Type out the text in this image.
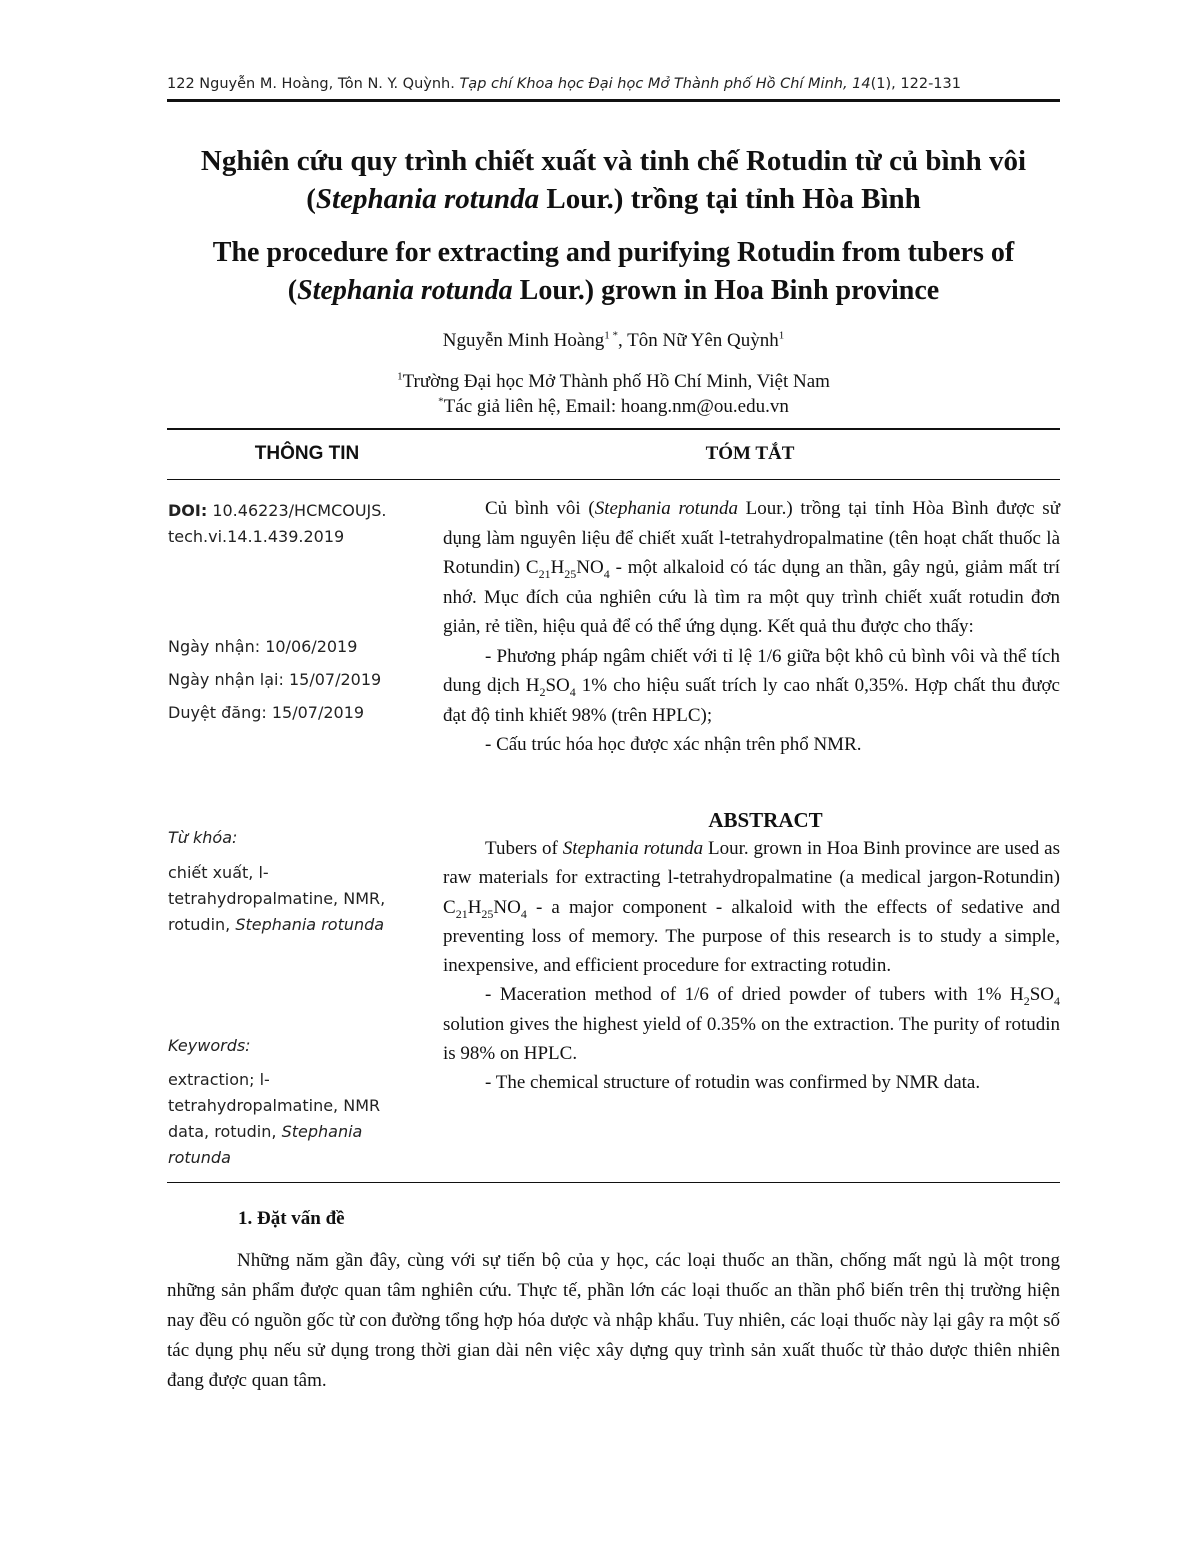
122 Nguyễn M. Hoàng, Tôn N. Y. Quỳnh. Tạp chí Khoa học Đại học Mở Thành phố Hồ Chí Minh, 14(1), 122-131
Nghiên cứu quy trình chiết xuất và tinh chế Rotudin từ củ bình vôi (Stephania rotunda Lour.) trồng tại tỉnh Hòa Bình
The procedure for extracting and purifying Rotudin from tubers of (Stephania rotunda Lour.) grown in Hoa Binh province
Nguyễn Minh Hoàng$^{1 *}$, Tôn Nữ Yên Quỳnh$^1$
$^1$Trường Đại học Mở Thành phố Hồ Chí Minh, Việt Nam
*Tác giả liên hệ, Email: hoang.nm@ou.edu.vn
THÔNG TIN	TÓM TẮT
DOI: 10.46223/HCMCOUJS. tech.vi.14.1.439.2019
Ngày nhận: 10/06/2019
Ngày nhận lại: 15/07/2019
Duyệt đăng: 15/07/2019
Từ khóa:
chiết xuất, l-tetrahydropalmatine, NMR, rotudin, Stephania rotunda
Keywords:
extraction; l-tetrahydropalmatine, NMR data, rotudin, Stephania rotunda

Củ bình vôi (Stephania rotunda Lour.) trồng tại tỉnh Hòa Bình được sử dụng làm nguyên liệu để chiết xuất l-tetrahydropalmatine (tên hoạt chất thuốc là Rotundin) $C_{21}H_{25}NO_4$ - một alkaloid có tác dụng an thần, gây ngủ, giảm mất trí nhớ. Mục đích của nghiên cứu là tìm ra một quy trình chiết xuất rotudin đơn giản, rẻ tiền, hiệu quả để có thể ứng dụng. Kết quả thu được cho thấy:

- Phương pháp ngâm chiết với tỉ lệ 1/6 giữa bột khô củ bình vôi và thể tích dung dịch $H_2SO_4$ 1% cho hiệu suất trích ly cao nhất 0,35%. Hợp chất thu được đạt độ tinh khiết 98% (trên HPLC);

- Cấu trúc hóa học được xác nhận trên phổ NMR.

ABSTRACT

Tubers of Stephania rotunda Lour. grown in Hoa Binh province are used as raw materials for extracting l-tetrahydropalmatine (a medical jargon-Rotundin) $C_{21}H_{25}NO_4$ - a major component - alkaloid with the effects of sedative and preventing loss of memory. The purpose of this research is to study a simple, inexpensive, and efficient procedure for extracting rotudin.

- Maceration method of 1/6 of dried powder of tubers with 1% $H_2SO_4$ solution gives the highest yield of 0.35% on the extraction. The purity of rotudin is 98% on HPLC.

- The chemical structure of rotudin was confirmed by NMR data.

1. Đặt vấn đề

Những năm gần đây, cùng với sự tiến bộ của y học, các loại thuốc an thần, chống mất ngủ là một trong những sản phẩm được quan tâm nghiên cứu. Thực tế, phần lớn các loại thuốc an thần phổ biến trên thị trường hiện nay đều có nguồn gốc từ con đường tổng hợp hóa dược và nhập khẩu. Tuy nhiên, các loại thuốc này lại gây ra một số tác dụng phụ nếu sử dụng trong thời gian dài nên việc xây dựng quy trình sản xuất thuốc từ thảo dược thiên nhiên đang được quan tâm.
